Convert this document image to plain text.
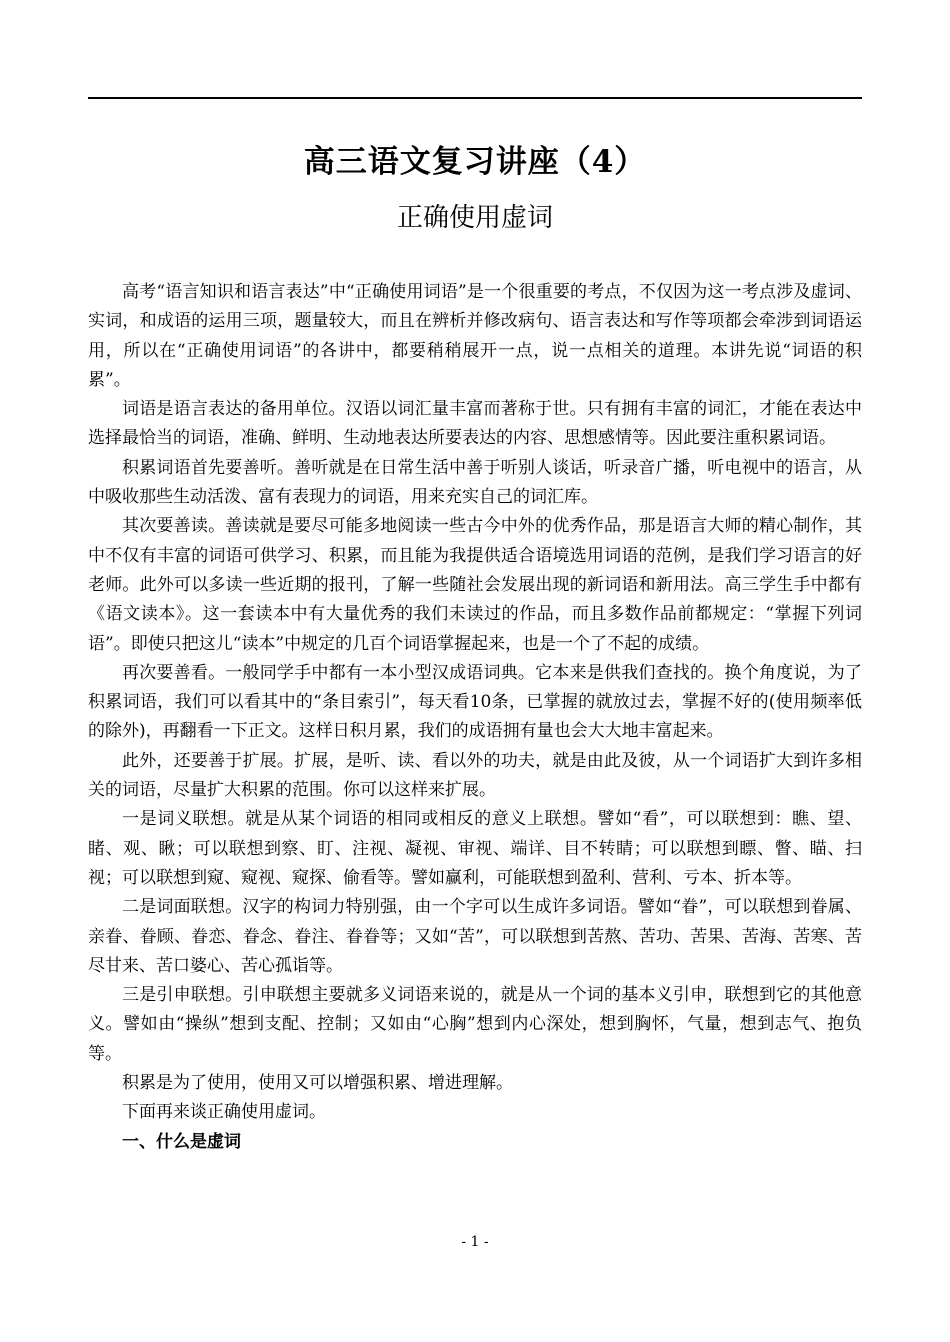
高三语文复习讲座（4）
正确使用虚词

高考“语言知识和语言表达”中“正确使用词语”是一个很重要的考点，不仅因为这一考点涉及虚词、实词，和成语的运用三项，题量较大，而且在辨析并修改病句、语言表达和写作等项都会牵涉到词语运用，所以在“正确使用词语”的各讲中，都要稍稍展开一点，说一点相关的道理。本讲先说“词语的积累”。

词语是语言表达的备用单位。汉语以词汇量丰富而著称于世。只有拥有丰富的词汇，才能在表达中选择最恰当的词语，准确、鲜明、生动地表达所要表达的内容、思想感情等。因此要注重积累词语。

积累词语首先要善听。善听就是在日常生活中善于听别人谈话，听录音广播，听电视中的语言，从中吸收那些生动活泼、富有表现力的词语，用来充实自己的词汇库。

其次要善读。善读就是要尽可能多地阅读一些古今中外的优秀作品，那是语言大师的精心制作，其中不仅有丰富的词语可供学习、积累，而且能为我提供适合语境选用词语的范例，是我们学习语言的好老师。此外可以多读一些近期的报刊，了解一些随社会发展出现的新词语和新用法。高三学生手中都有《语文读本》。这一套读本中有大量优秀的我们未读过的作品，而且多数作品前都规定：“掌握下列词语”。即使只把这儿“读本”中规定的几百个词语掌握起来，也是一个了不起的成绩。

再次要善看。一般同学手中都有一本小型汉成语词典。它本来是供我们查找的。换个角度说，为了积累词语，我们可以看其中的“条目索引”，每天看10条，已掌握的就放过去，掌握不好的(使用频率低的除外)，再翻看一下正文。这样日积月累，我们的成语拥有量也会大大地丰富起来。

此外，还要善于扩展。扩展，是听、读、看以外的功夫，就是由此及彼，从一个词语扩大到许多相关的词语，尽量扩大积累的范围。你可以这样来扩展。

一是词义联想。就是从某个词语的相同或相反的意义上联想。譬如“看”，可以联想到：瞧、望、睹、观、瞅；可以联想到察、盯、注视、凝视、审视、端详、目不转睛；可以联想到瞟、瞥、瞄、扫视；可以联想到窥、窥视、窥探、偷看等。譬如赢利，可能联想到盈利、营利、亏本、折本等。

二是词面联想。汉字的构词力特别强，由一个字可以生成许多词语。譬如“眷”，可以联想到眷属、亲眷、眷顾、眷恋、眷念、眷注、眷眷等；又如“苦”，可以联想到苦熬、苦功、苦果、苦海、苦寒、苦尽甘来、苦口婆心、苦心孤诣等。

三是引申联想。引申联想主要就多义词语来说的，就是从一个词的基本义引申，联想到它的其他意义。譬如由“操纵”想到支配、控制；又如由“心胸”想到内心深处，想到胸怀，气量，想到志气、抱负等。

积累是为了使用，使用又可以增强积累、增进理解。

下面再来谈正确使用虚词。

一、什么是虚词

- 1 -
